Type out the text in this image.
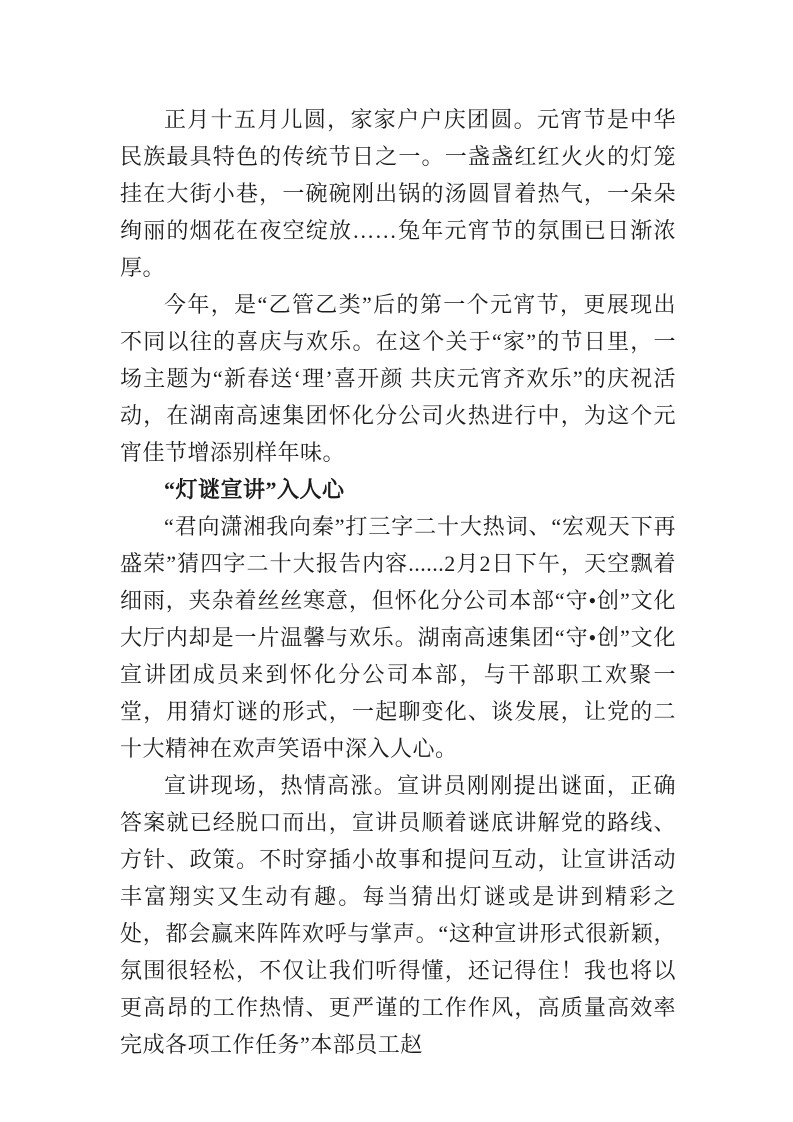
正月十五月儿圆，家家户户庆团圆。元宵节是中华民族最具特色的传统节日之一。一盏盏红红火火的灯笼挂在大街小巷，一碗碗刚出锅的汤圆冒着热气，一朵朵绚丽的烟花在夜空绽放……兔年元宵节的氛围已日渐浓厚。

今年，是“乙管乙类”后的第一个元宵节，更展现出不同以往的喜庆与欢乐。在这个关于“家”的节日里，一场主题为“新春送‘理’喜开颜 共庆元宵齐欢乐”的庆祝活动，在湖南高速集团怀化分公司火热进行中，为这个元宵佳节增添别样年味。

“灯谜宣讲”入人心

“君向潇湘我向秦”打三字二十大热词、“宏观天下再盛荣”猜四字二十大报告内容......2月2日下午，天空飘着细雨，夹杂着丝丝寒意，但怀化分公司本部“守•创”文化大厅内却是一片温馨与欢乐。湖南高速集团“守•创”文化宣讲团成员来到怀化分公司本部，与干部职工欢聚一堂，用猜灯谜的形式，一起聊变化、谈发展，让党的二十大精神在欢声笑语中深入人心。

宣讲现场，热情高涨。宣讲员刚刚提出谜面，正确答案就已经脱口而出，宣讲员顺着谜底讲解党的路线、方针、政策。不时穿插小故事和提问互动，让宣讲活动丰富翔实又生动有趣。每当猜出灯谜或是讲到精彩之处，都会赢来阵阵欢呼与掌声。“这种宣讲形式很新颖，氛围很轻松，不仅让我们听得懂，还记得住！我也将以更高昂的工作热情、更严谨的工作作风，高质量高效率完成各项工作任务”本部员工赵
